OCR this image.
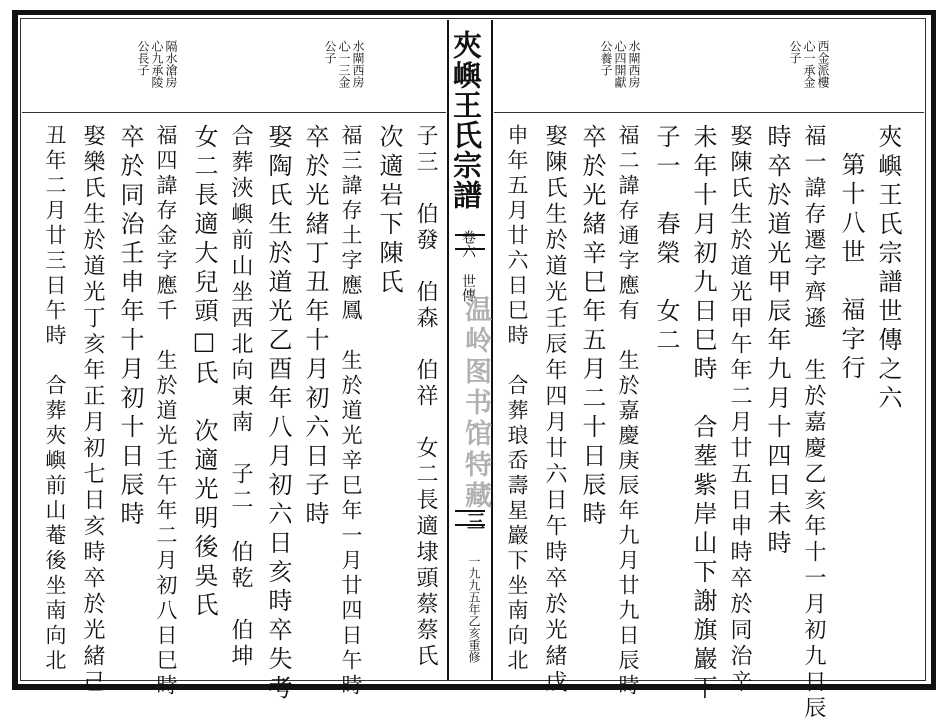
夾嶼王氏宗譜
卷六 世傳
温岭图书馆特藏
三
一九九五年乙亥重修
西金派樓
心一承金
公子
水閘西房
心四開獻
公養子
夾嶼王氏宗譜世傳之六
第十八世　福字行
福一諱存遷字齊遜　生於嘉慶乙亥年十一月初九日辰
時卒於道光甲辰年九月十四日未時
娶陳氏生於道光甲午年二月廿五日申時卒於同治辛
未年十月初九日巳時　合塟紫岸山下謝旗巖下
子一　春榮　女二
福二諱存通字應有　生於嘉慶庚辰年九月廿九日辰時
卒於光緒辛巳年五月二十日辰時
娶陳氏生於道光壬辰年四月廿六日午時卒於光緒戊
申年五月廿六日巳時　合葬琅岙壽星巖下坐南向北
水閘西房
心一三金
公子
隔水滄房
心九承陵
公長子
子三　伯發　伯森　伯祥　女二長適埭頭蔡蔡氏
次適岩下陳氏
福三諱存土字應鳳　生於道光辛巳年一月廿四日午時
卒於光緒丁丑年十月初六日子時
娶陶氏生於道光乙酉年八月初六日亥時卒失考
合葬浹嶼前山坐西北向東南　子二　伯乾　伯坤
女二長適大兒頭□氏　次適光明後吳氏
福四諱存金字應千　生於道光壬午年二月初八日巳時
卒於同治壬申年十月初十日辰時
娶樂氏生於道光丁亥年正月初七日亥時卒於光緒己
丑年二月廿三日午時　合葬夾嶼前山菴後坐南向北
